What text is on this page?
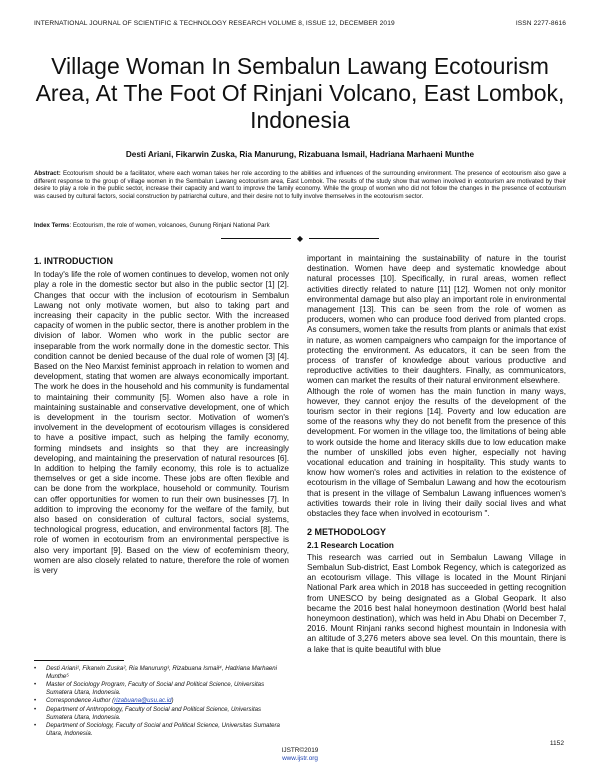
INTERNATIONAL JOURNAL OF SCIENTIFIC & TECHNOLOGY RESEARCH VOLUME 8, ISSUE 12, DECEMBER 2019	ISSN 2277-8616
Village Woman In Sembalun Lawang Ecotourism Area, At The Foot Of Rinjani Volcano, East Lombok, Indonesia
Desti Ariani, Fikarwin Zuska, Ria Manurung, Rizabuana Ismail, Hadriana Marhaeni Munthe
Abstract: Ecotourism should be a facilitator, where each woman takes her role according to the abilities and influences of the surrounding environment. The presence of ecotourism also gave a different response to the group of village women in the Sembalun Lawang ecotourism area, East Lombok. The results of the study show that women involved in ecotourism are motivated by their desire to play a role in the public sector, increase their capacity and want to improve the family economy. While the group of women who did not follow the changes in the presence of ecotourism was caused by cultural factors, social construction by patriarchal culture, and their desire not to fully involve themselves in the ecotourism sector.
Index Terms: Ecotourism, the role of women, volcanoes, Gunung Rinjani National Park
◆
1. INTRODUCTION

In today's life the role of women continues to develop, women not only play a role in the domestic sector but also in the public sector [1] [2]. Changes that occur with the inclusion of ecotourism in Sembalun Lawang not only motivate women, but also to taking part and increasing their capacity in the public sector. With the increased capacity of women in the public sector, there is another problem in the division of labor. Women who work in the public sector are inseparable from the work normally done in the domestic sector. This condition cannot be denied because of the dual role of women [3] [4]. Based on the Neo Marxist feminist approach in relation to women and development, stating that women are always economically important. The work he does in the household and his community is fundamental to maintaining their community [5]. Women also have a role in maintaining sustainable and conservative development, one of which is development in the tourism sector. Motivation of women's involvement in the development of ecotourism villages is considered to have a positive impact, such as helping the family economy, forming mindsets and insights so that they are increasingly developing, and maintaining the preservation of natural resources [6]. In addition to helping the family economy, this role is to actualize themselves or get a side income. These jobs are often flexible and can be done from the workplace, household or community. Tourism can offer opportunities for women to run their own businesses [7]. In addition to improving the economy for the welfare of the family, but also based on consideration of cultural factors, social systems, technological progress, education, and environmental factors [8]. The role of women in ecotourism from an environmental perspective is also very important [9]. Based on the view of ecofeminism theory, women are also closely related to nature, therefore the role of women is very

• Desti Ariani¹, Fikarwin Zuska², Ria Manurung³, Rizabuana Ismail⁴, Hadriana Marhaeni Munthe⁵
• Master of Sociology Program, Faculty of Social and Political Science, Universitas Sumatera Utara, Indonesia.
• Correspondence Author (rizabuana@usu.ac.id)
• Department of Anthropology, Faculty of Social and Political Science, Universitas Sumatera Utara, Indonesia.
• Department of Sociology, Faculty of Social and Political Science, Universitas Sumatera Utara, Indonesia.

important in maintaining the sustainability of nature in the tourist destination. Women have deep and systematic knowledge about natural processes [10]. Specifically, in rural areas, women reflect activities directly related to nature [11] [12]. Women not only monitor environmental damage but also play an important role in environmental management [13]. This can be seen from the role of women as producers, women who can produce food derived from planted crops. As consumers, women take the results from plants or animals that exist in nature, as women campaigners who campaign for the importance of protecting the environment. As educators, it can be seen from the process of transfer of knowledge about various productive and reproductive activities to their daughters. Finally, as communicators, women can market the results of their natural environment elsewhere.

Although the role of women has the main function in many ways, however, they cannot enjoy the results of the development of the tourism sector in their regions [14]. Poverty and low education are some of the reasons why they do not benefit from the presence of this development. For women in the village too, the limitations of being able to work outside the home and literacy skills due to low education make the number of unskilled jobs even higher, especially not having vocational education and training in hospitality. This study wants to know how women's roles and activities in relation to the existence of ecotourism in the village of Sembalun Lawang and how the ecotourism that is present in the village of Sembalun Lawang influences women's activities towards their role in living their daily social lives and what obstacles they face when involved in ecotourism ".

2 METHODOLOGY
2.1 Research Location

This research was carried out in Sembalun Lawang Village in Sembalun Sub-district, East Lombok Regency, which is categorized as an ecotourism village. This village is located in the Mount Rinjani National Park area which in 2018 has succeeded in getting recognition from UNESCO by being designated as a Global Geopark. It also became the 2016 best halal honeymoon destination (World best halal honeymoon destination), which was held in Abu Dhabi on December 7, 2016. Mount Rinjani ranks second highest mountain in Indonesia with an altitude of 3,276 meters above sea level. On this mountain, there is a lake that is quite beautiful with blue

1152
IJSTR©2019
www.ijstr.org
